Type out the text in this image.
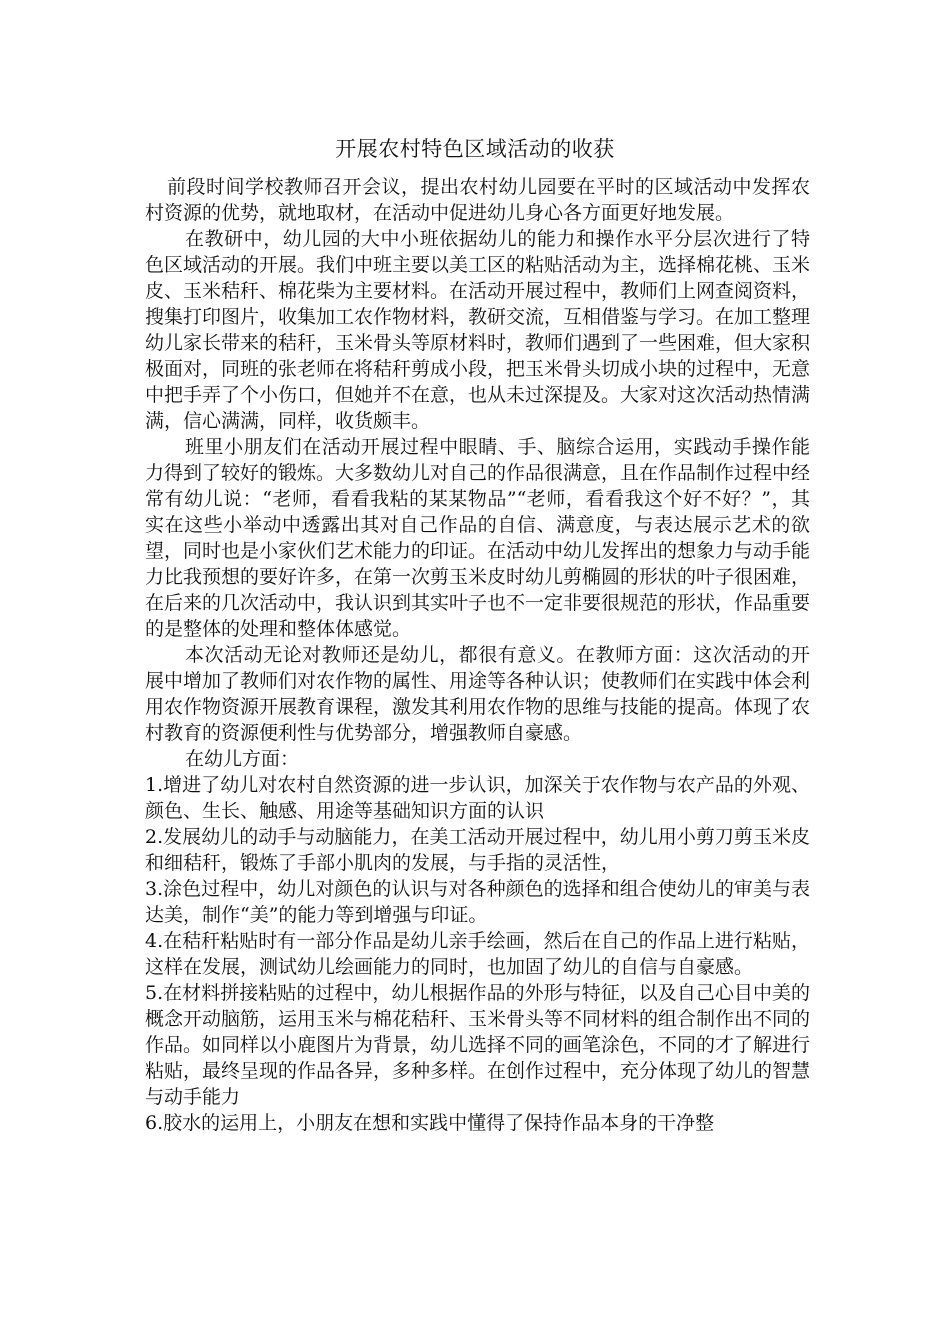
开展农村特色区域活动的收获

前段时间学校教师召开会议，提出农村幼儿园要在平时的区域活动中发挥农村资源的优势，就地取材，在活动中促进幼儿身心各方面更好地发展。

在教研中，幼儿园的大中小班依据幼儿的能力和操作水平分层次进行了特色区域活动的开展。我们中班主要以美工区的粘贴活动为主，选择棉花桃、玉米皮、玉米秸秆、棉花柴为主要材料。在活动开展过程中，教师们上网查阅资料，搜集打印图片，收集加工农作物材料，教研交流，互相借鉴与学习。在加工整理幼儿家长带来的秸秆，玉米骨头等原材料时，教师们遇到了一些困难，但大家积极面对，同班的张老师在将秸秆剪成小段，把玉米骨头切成小块的过程中，无意中把手弄了个小伤口，但她并不在意，也从未过深提及。大家对这次活动热情满满，信心满满，同样，收货颇丰。

班里小朋友们在活动开展过程中眼睛、手、脑综合运用，实践动手操作能力得到了较好的锻炼。大多数幼儿对自己的作品很满意，且在作品制作过程中经常有幼儿说：“老师，看看我粘的某某物品”“老师，看看我这个好不好？”，其实在这些小举动中透露出其对自己作品的自信、满意度，与表达展示艺术的欲望，同时也是小家伙们艺术能力的印证。在活动中幼儿发挥出的想象力与动手能力比我预想的要好许多，在第一次剪玉米皮时幼儿剪椭圆的形状的叶子很困难，在后来的几次活动中，我认识到其实叶子也不一定非要很规范的形状，作品重要的是整体的处理和整体体感觉。

本次活动无论对教师还是幼儿，都很有意义。在教师方面：这次活动的开展中增加了教师们对农作物的属性、用途等各种认识；使教师们在实践中体会利用农作物资源开展教育课程，激发其利用农作物的思维与技能的提高。体现了农村教育的资源便利性与优势部分，增强教师自豪感。

在幼儿方面：

1.增进了幼儿对农村自然资源的进一步认识，加深关于农作物与农产品的外观、颜色、生长、触感、用途等基础知识方面的认识

2.发展幼儿的动手与动脑能力，在美工活动开展过程中，幼儿用小剪刀剪玉米皮和细秸秆，锻炼了手部小肌肉的发展，与手指的灵活性，

3.涂色过程中，幼儿对颜色的认识与对各种颜色的选择和组合使幼儿的审美与表达美，制作“美”的能力等到增强与印证。

4.在秸秆粘贴时有一部分作品是幼儿亲手绘画，然后在自己的作品上进行粘贴，这样在发展，测试幼儿绘画能力的同时，也加固了幼儿的自信与自豪感。

5.在材料拼接粘贴的过程中，幼儿根据作品的外形与特征，以及自己心目中美的概念开动脑筋，运用玉米与棉花秸秆、玉米骨头等不同材料的组合制作出不同的作品。如同样以小鹿图片为背景，幼儿选择不同的画笔涂色，不同的才了解进行粘贴，最终呈现的作品各异，多种多样。在创作过程中，充分体现了幼儿的智慧与动手能力

6.胶水的运用上，小朋友在想和实践中懂得了保持作品本身的干净整
